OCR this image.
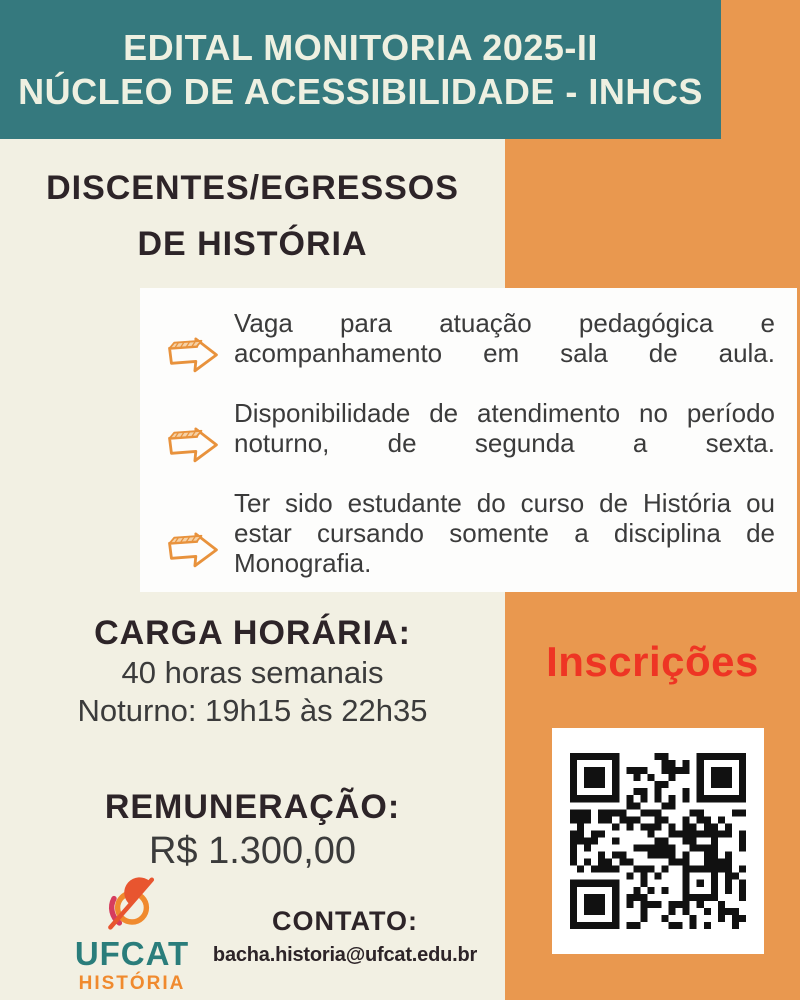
EDITAL MONITORIA 2025-II
NÚCLEO DE ACESSIBILIDADE - INHCS
DISCENTES/EGRESSOS
DE HISTÓRIA
Vaga para atuação pedagógica e acompanhamento em sala de aula.
Disponibilidade de atendimento no período noturno, de segunda a sexta.
Ter sido estudante do curso de História ou estar cursando somente a disciplina de Monografia.
CARGA HORÁRIA:
40 horas semanais
Noturno: 19h15 às 22h35
Inscrições
REMUNERAÇÃO:
R$ 1.300,00
UFCAT
HISTÓRIA
CONTATO:
bacha.historia@ufcat.edu.br
